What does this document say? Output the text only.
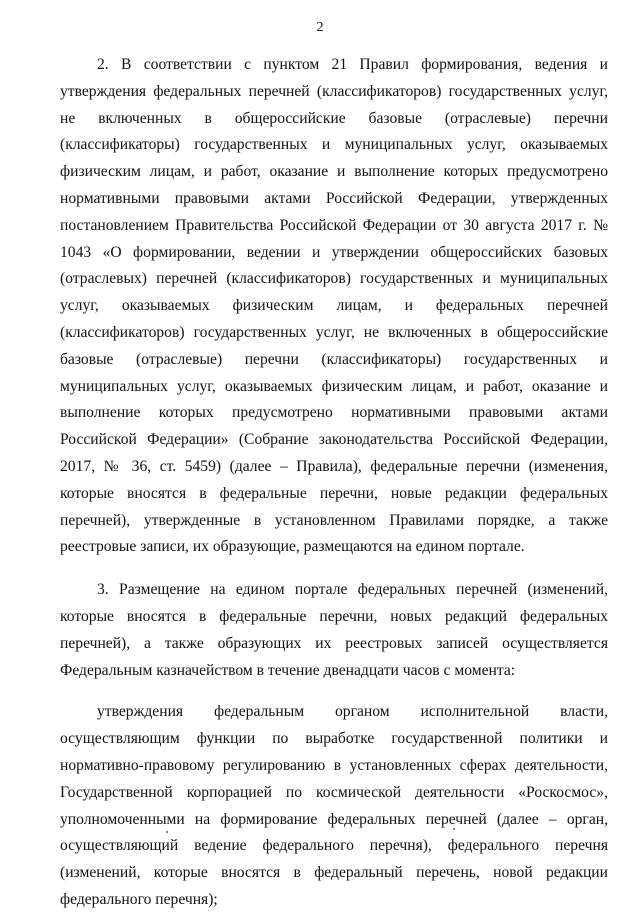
2

2. В соответствии с пунктом 21 Правил формирования, ведения и утверждения федеральных перечней (классификаторов) государственных услуг, не включенных в общероссийские базовые (отраслевые) перечни (классификаторы) государственных и муниципальных услуг, оказываемых физическим лицам, и работ, оказание и выполнение которых предусмотрено нормативными правовыми актами Российской Федерации, утвержденных постановлением Правительства Российской Федерации от 30 августа 2017 г. № 1043 «О формировании, ведении и утверждении общероссийских базовых (отраслевых) перечней (классификаторов) государственных и муниципальных услуг, оказываемых физическим лицам, и федеральных перечней (классификаторов) государственных услуг, не включенных в общероссийские базовые (отраслевые) перечни (классификаторы) государственных и муниципальных услуг, оказываемых физическим лицам, и работ, оказание и выполнение которых предусмотрено нормативными правовыми актами Российской Федерации» (Собрание законодательства Российской Федерации, 2017, № 36, ст. 5459) (далее – Правила), федеральные перечни (изменения, которые вносятся в федеральные перечни, новые редакции федеральных перечней), утвержденные в установленном Правилами порядке, а также реестровые записи, их образующие, размещаются на едином портале.

3. Размещение на едином портале федеральных перечней (изменений, которые вносятся в федеральные перечни, новых редакций федеральных перечней), а также образующих их реестровых записей осуществляется Федеральным казначейством в течение двенадцати часов с момента:

утверждения федеральным органом исполнительной власти, осуществляющим функции по выработке государственной политики и нормативно-правовому регулированию в установленных сферах деятельности, Государственной корпорацией по космической деятельности «Роскосмос», уполномоченными на формирование федеральных перечней (далее – орган, осуществляющий ведение федерального перечня), федерального перечня (изменений, которые вносятся в федеральный перечень, новой редакции федерального перечня);
